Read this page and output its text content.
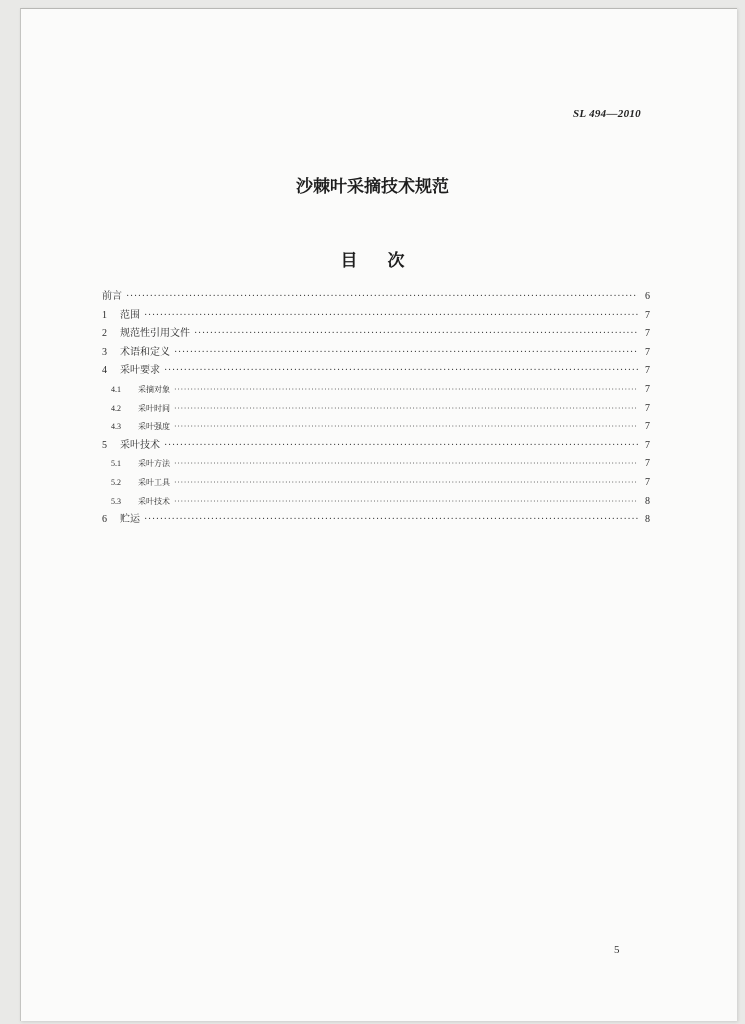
SL 494—2010
沙棘叶采摘技术规范
目次
前言 ·····	6
1	范围 ·····	7
2	规范性引用文件 ·····	7
3	术语和定义 ·····	7
4	采叶要求 ·····	7
4.1	采摘对象 ·····	7
4.2	采叶时间 ·····	7
4.3	采叶强度 ·····	7
5	采叶技术 ·····	7
5.1	采叶方法 ·····	7
5.2	采叶工具 ·····	7
5.3	采叶技术 ·····	8
6	贮运 ·····	8
5
